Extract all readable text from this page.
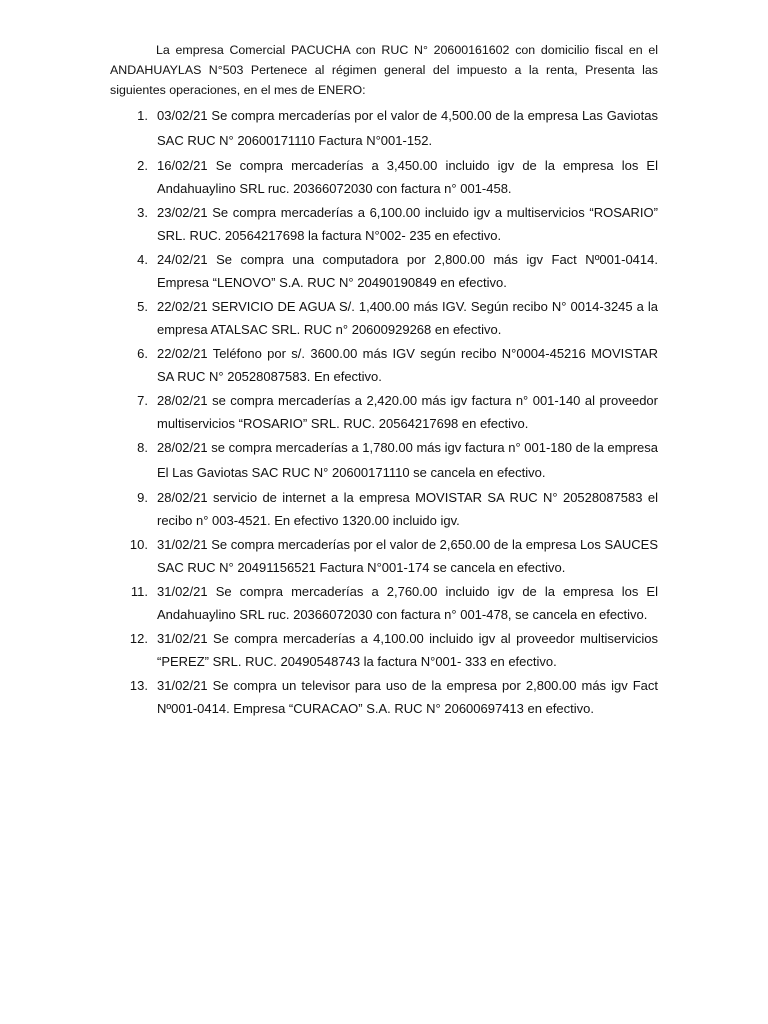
La empresa Comercial PACUCHA con RUC N° 20600161602 con domicilio fiscal en el ANDAHUAYLAS N°503 Pertenece al régimen general del impuesto a la renta, Presenta las siguientes operaciones, en el mes de ENERO:

1. 03/02/21 Se compra mercaderías por el valor de 4,500.00 de la empresa Las Gaviotas SAC RUC N° 20600171110 Factura N°001-152.
2. 16/02/21 Se compra mercaderías a 3,450.00 incluido igv de la empresa los El Andahuaylino SRL ruc. 20366072030 con factura n° 001-458.
3. 23/02/21 Se compra mercaderías a 6,100.00 incluido igv a multiservicios “ROSARIO” SRL. RUC. 20564217698 la factura N°002- 235 en efectivo.
4. 24/02/21 Se compra una computadora por 2,800.00 más igv Fact Nº001-0414. Empresa “LENOVO” S.A. RUC N° 20490190849 en efectivo.
5. 22/02/21 SERVICIO DE AGUA S/. 1,400.00 más IGV. Según recibo N° 0014-3245 a la empresa ATALSAC SRL. RUC n° 20600929268 en efectivo.
6. 22/02/21 Teléfono por s/. 3600.00 más IGV según recibo N°0004-45216 MOVISTAR SA RUC N° 20528087583. En efectivo.
7. 28/02/21 se compra mercaderías a 2,420.00 más igv factura n° 001-140 al proveedor multiservicios “ROSARIO” SRL. RUC. 20564217698 en efectivo.
8. 28/02/21 se compra mercaderías a 1,780.00 más igv factura n° 001-180 de la empresa El Las Gaviotas SAC RUC N° 20600171110 se cancela en efectivo.
9. 28/02/21 servicio de internet a la empresa MOVISTAR SA RUC N° 20528087583 el recibo n° 003-4521. En efectivo 1320.00 incluido igv.
10. 31/02/21 Se compra mercaderías por el valor de 2,650.00 de la empresa Los SAUCES SAC RUC N° 20491156521 Factura N°001-174 se cancela en efectivo.
11. 31/02/21 Se compra mercaderías a 2,760.00 incluido igv de la empresa los El Andahuaylino SRL ruc. 20366072030 con factura n° 001-478, se cancela en efectivo.
12. 31/02/21 Se compra mercaderías a 4,100.00 incluido igv al proveedor multiservicios “PEREZ” SRL. RUC. 20490548743 la factura N°001- 333 en efectivo.
13. 31/02/21 Se compra un televisor para uso de la empresa por 2,800.00 más igv Fact Nº001-0414. Empresa “CURACAO” S.A. RUC N° 20600697413 en efectivo.
